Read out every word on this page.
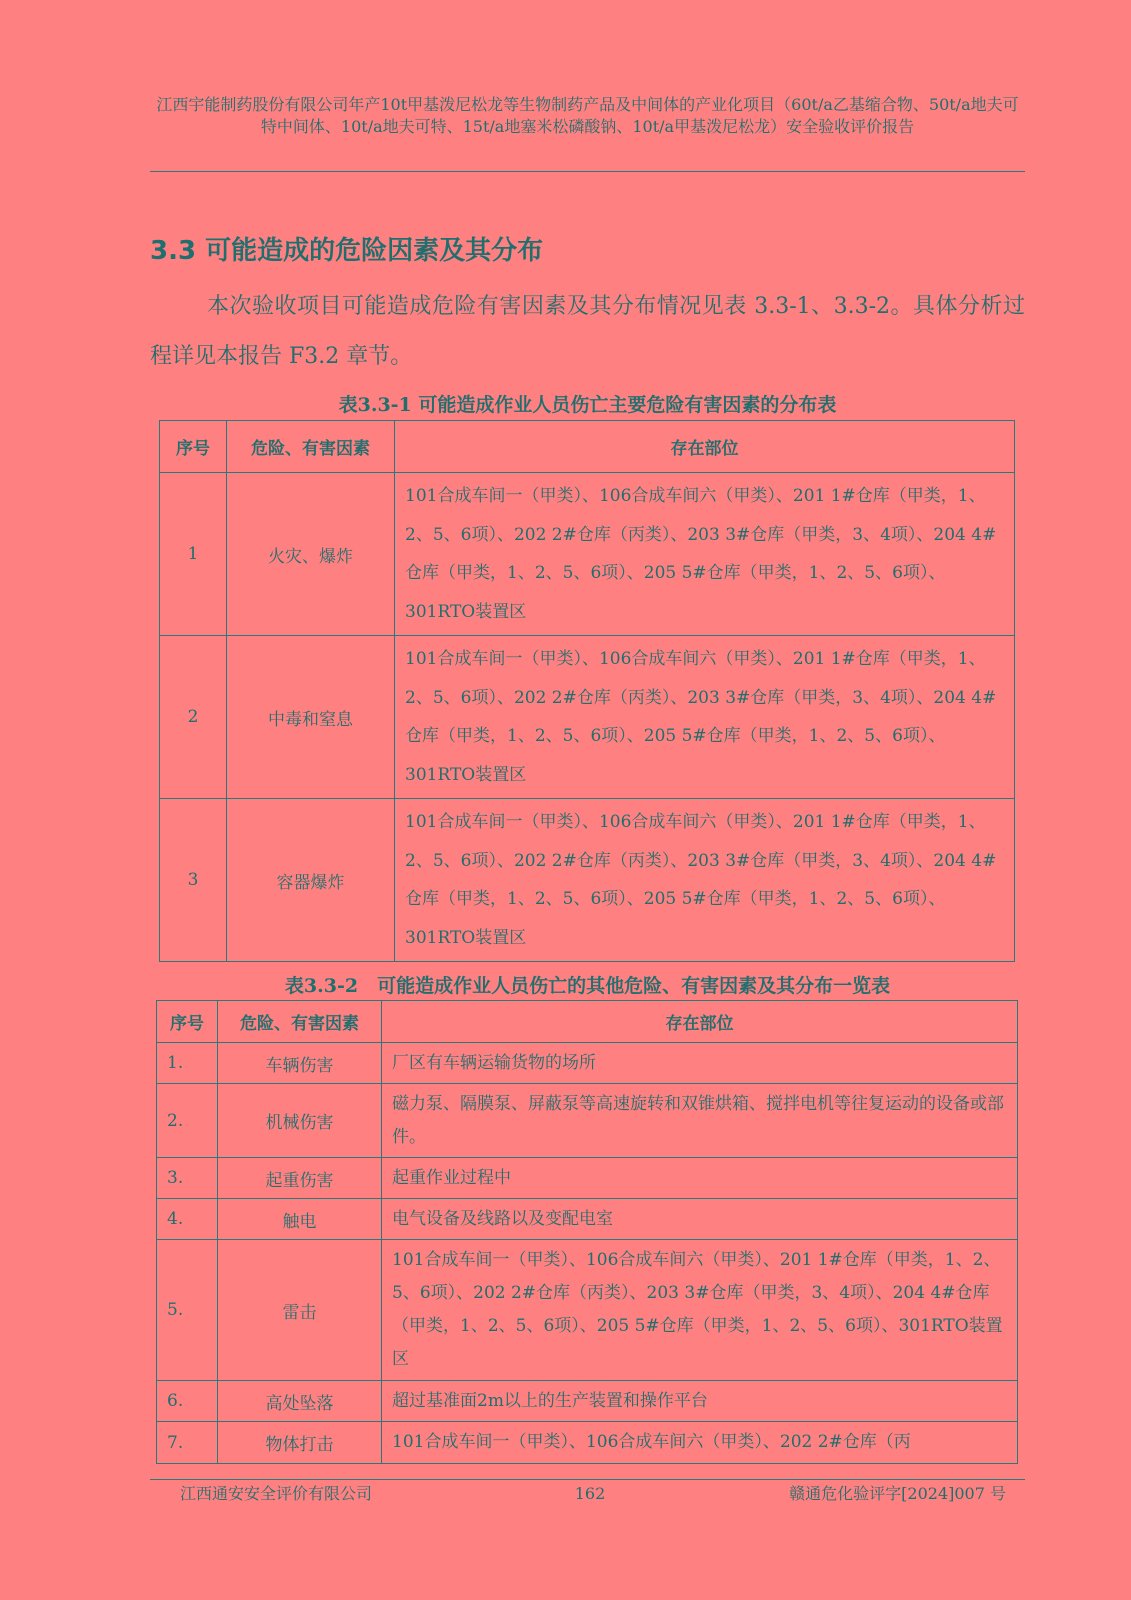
江西宇能制药股份有限公司年产10t甲基泼尼松龙等生物制药产品及中间体的产业化项目（60t/a乙基缩合物、50t/a地夫可特中间体、10t/a地夫可特、15t/a地塞米松磷酸钠、10t/a甲基泼尼松龙）安全验收评价报告
3.3 可能造成的危险因素及其分布
本次验收项目可能造成危险有害因素及其分布情况见表 3.3-1、3.3-2。具体分析过程详见本报告 F3.2 章节。
表3.3-1 可能造成作业人员伤亡主要危险有害因素的分布表
序号	危险、有害因素	存在部位
1	火灾、爆炸	101合成车间一（甲类）、106合成车间六（甲类）、201 1#仓库（甲类，1、2、5、6项）、202 2#仓库（丙类）、203 3#仓库（甲类，3、4项）、204 4#仓库（甲类，1、2、5、6项）、205 5#仓库（甲类，1、2、5、6项）、301RTO装置区
2	中毒和窒息	101合成车间一（甲类）、106合成车间六（甲类）、201 1#仓库（甲类，1、2、5、6项）、202 2#仓库（丙类）、203 3#仓库（甲类，3、4项）、204 4#仓库（甲类，1、2、5、6项）、205 5#仓库（甲类，1、2、5、6项）、301RTO装置区
3	容器爆炸	101合成车间一（甲类）、106合成车间六（甲类）、201 1#仓库（甲类，1、2、5、6项）、202 2#仓库（丙类）、203 3#仓库（甲类，3、4项）、204 4#仓库（甲类，1、2、5、6项）、205 5#仓库（甲类，1、2、5、6项）、301RTO装置区
表3.3-2　可能造成作业人员伤亡的其他危险、有害因素及其分布一览表
序号	危险、有害因素	存在部位
1.	车辆伤害	厂区有车辆运输货物的场所
2.	机械伤害	磁力泵、隔膜泵、屏蔽泵等高速旋转和双锥烘箱、搅拌电机等往复运动的设备或部件。
3.	起重伤害	起重作业过程中
4.	触电	电气设备及线路以及变配电室
5.	雷击	101合成车间一（甲类）、106合成车间六（甲类）、201 1#仓库（甲类，1、2、5、6项）、202 2#仓库（丙类）、203 3#仓库（甲类，3、4项）、204 4#仓库（甲类，1、2、5、6项）、205 5#仓库（甲类，1、2、5、6项）、301RTO装置区
6.	高处坠落	超过基准面2m以上的生产装置和操作平台
7.	物体打击	101合成车间一（甲类）、106合成车间六（甲类）、202 2#仓库（丙
江西通安安全评价有限公司	162	赣通危化验评字[2024]007 号
